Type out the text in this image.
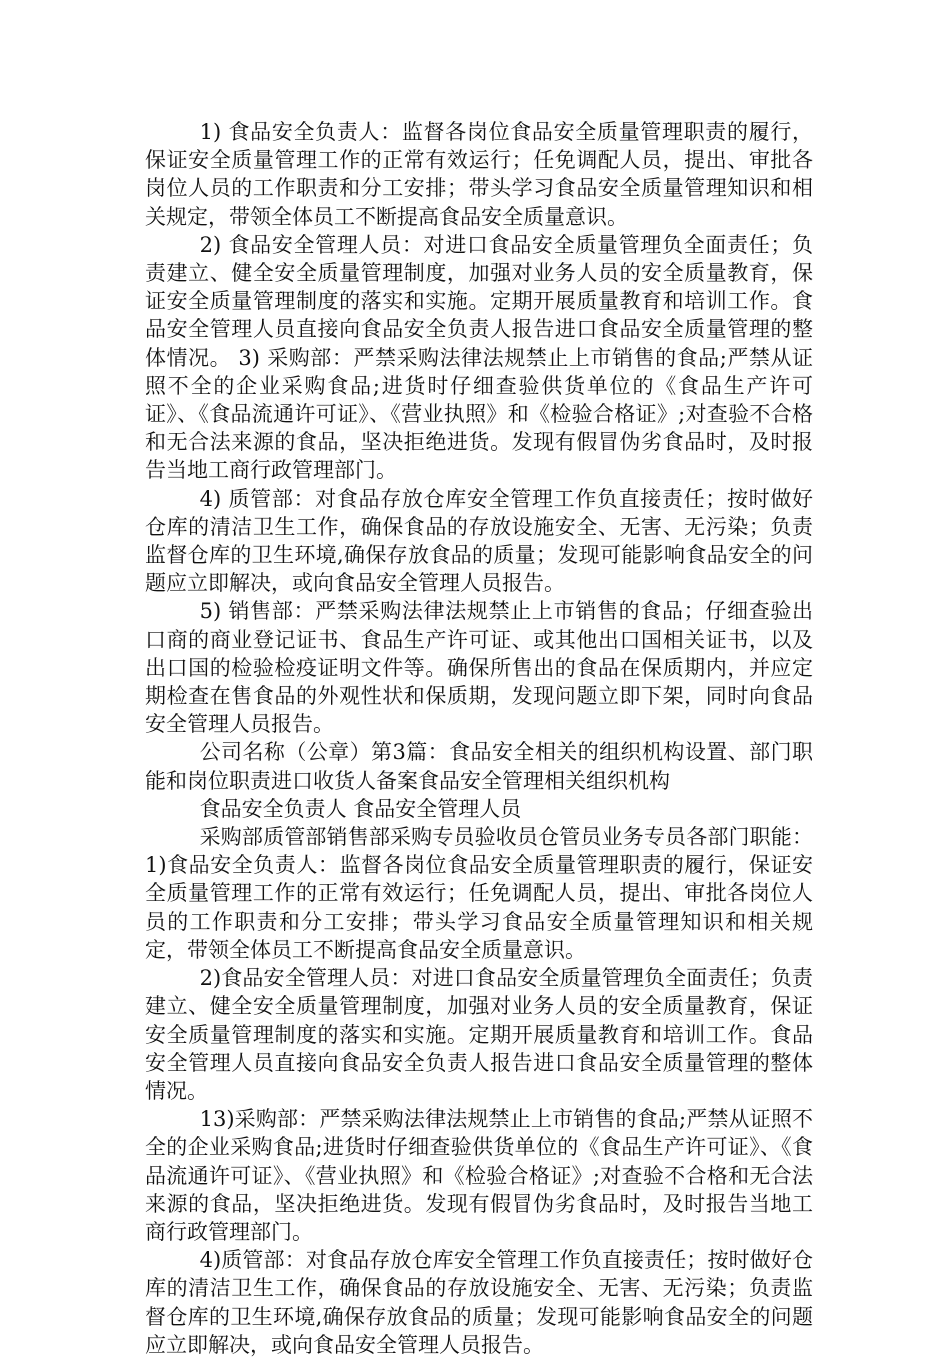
1) 食品安全负责人：监督各岗位食品安全质量管理职责的履行，保证安全质量管理工作的正常有效运行；任免调配人员，提出、审批各岗位人员的工作职责和分工安排；带头学习食品安全质量管理知识和相关规定，带领全体员工不断提高食品安全质量意识。

2) 食品安全管理人员：对进口食品安全质量管理负全面责任；负责建立、健全安全质量管理制度，加强对业务人员的安全质量教育，保证安全质量管理制度的落实和实施。定期开展质量教育和培训工作。食品安全管理人员直接向食品安全负责人报告进口食品安全质量管理的整体情况。 3) 采购部：严禁采购法律法规禁止上市销售的食品;严禁从证照不全的企业采购食品;进货时仔细查验供货单位的《食品生产许可证》、《食品流通许可证》、《营业执照》和《检验合格证》;对查验不合格和无合法来源的食品，坚决拒绝进货。发现有假冒伪劣食品时，及时报告当地工商行政管理部门。

4) 质管部：对食品存放仓库安全管理工作负直接责任；按时做好仓库的清洁卫生工作，确保食品的存放设施安全、无害、无污染；负责监督仓库的卫生环境,确保存放食品的质量；发现可能影响食品安全的问题应立即解决，或向食品安全管理人员报告。

5) 销售部：严禁采购法律法规禁止上市销售的食品；仔细查验出口商的商业登记证书、食品生产许可证、或其他出口国相关证书，以及出口国的检验检疫证明文件等。确保所售出的食品在保质期内，并应定期检查在售食品的外观性状和保质期，发现问题立即下架，同时向食品安全管理人员报告。

公司名称（公章）第3篇：食品安全相关的组织机构设置、部门职能和岗位职责进口收货人备案食品安全管理相关组织机构

食品安全负责人 食品安全管理人员

采购部质管部销售部采购专员验收员仓管员业务专员各部门职能： 1)食品安全负责人：监督各岗位食品安全质量管理职责的履行，保证安全质量管理工作的正常有效运行；任免调配人员，提出、审批各岗位人员的工作职责和分工安排；带头学习食品安全质量管理知识和相关规定，带领全体员工不断提高食品安全质量意识。

2)食品安全管理人员：对进口食品安全质量管理负全面责任；负责建立、健全安全质量管理制度，加强对业务人员的安全质量教育，保证安全质量管理制度的落实和实施。定期开展质量教育和培训工作。食品安全管理人员直接向食品安全负责人报告进口食品安全质量管理的整体情况。

13)采购部：严禁采购法律法规禁止上市销售的食品;严禁从证照不全的企业采购食品;进货时仔细查验供货单位的《食品生产许可证》、《食品流通许可证》、《营业执照》和《检验合格证》;对查验不合格和无合法来源的食品，坚决拒绝进货。发现有假冒伪劣食品时，及时报告当地工商行政管理部门。

4)质管部：对食品存放仓库安全管理工作负直接责任；按时做好仓库的清洁卫生工作，确保食品的存放设施安全、无害、无污染；负责监督仓库的卫生环境,确保存放食品的质量；发现可能影响食品安全的问题应立即解决，或向食品安全管理人员报告。
